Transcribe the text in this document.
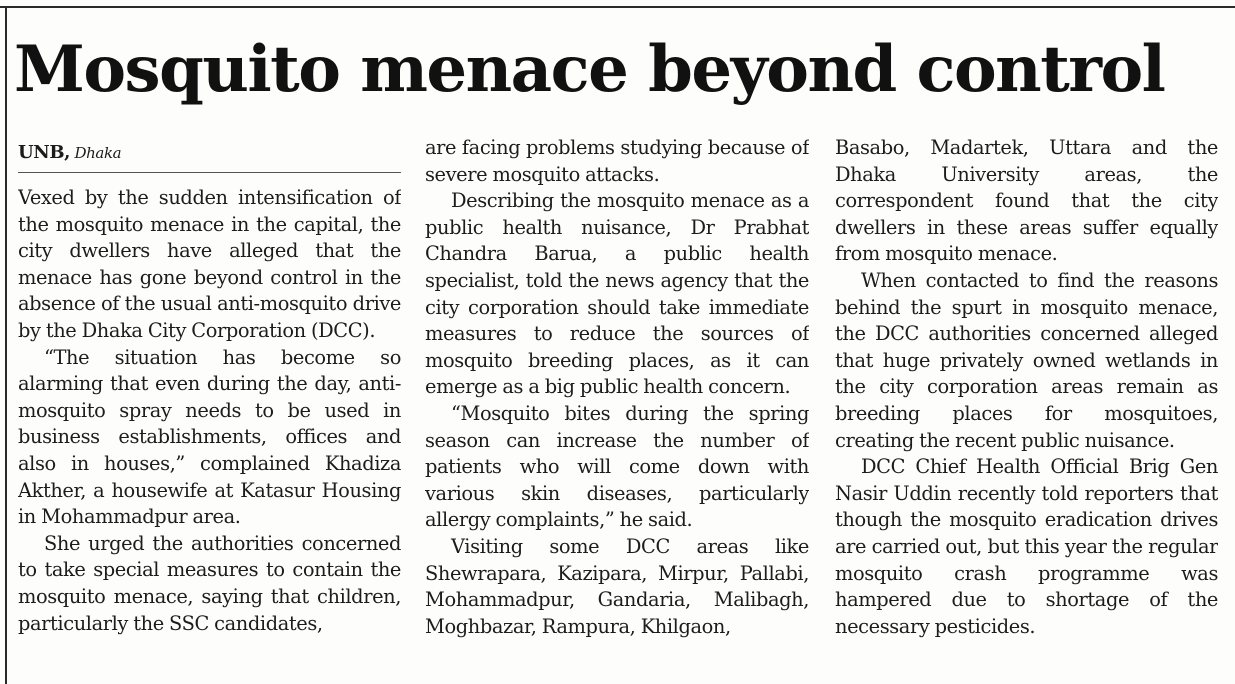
Mosquito menace beyond control
UNB, Dhaka

Vexed by the sudden intensification of the mosquito menace in the capital, the city dwellers have alleged that the menace has gone beyond control in the absence of the usual anti-mosquito drive by the Dhaka City Corporation (DCC).

“The situation has become so alarming that even during the day, anti-mosquito spray needs to be used in business establishments, offices and also in houses,” complained Khadiza Akther, a housewife at Katasur Housing in Mohammadpur area.

She urged the authorities concerned to take special measures to contain the mosquito menace, saying that children, particularly the SSC candidates,

are facing problems studying because of severe mosquito attacks.

Describing the mosquito menace as a public health nuisance, Dr Prabhat Chandra Barua, a public health specialist, told the news agency that the city corporation should take immediate measures to reduce the sources of mosquito breeding places, as it can emerge as a big public health concern.

“Mosquito bites during the spring season can increase the number of patients who will come down with various skin diseases, particularly allergy complaints,” he said.

Visiting some DCC areas like Shewrapara, Kazipara, Mirpur, Pallabi, Mohammadpur, Gandaria, Malibagh, Moghbazar, Rampura, Khilgaon,

Basabo, Madartek, Uttara and the Dhaka University areas, the correspondent found that the city dwellers in these areas suffer equally from mosquito menace.

When contacted to find the reasons behind the spurt in mosquito menace, the DCC authorities concerned alleged that huge privately owned wetlands in the city corporation areas remain as breeding places for mosquitoes, creating the recent public nuisance.

DCC Chief Health Official Brig Gen Nasir Uddin recently told reporters that though the mosquito eradication drives are carried out, but this year the regular mosquito crash programme was hampered due to shortage of the necessary pesticides.
